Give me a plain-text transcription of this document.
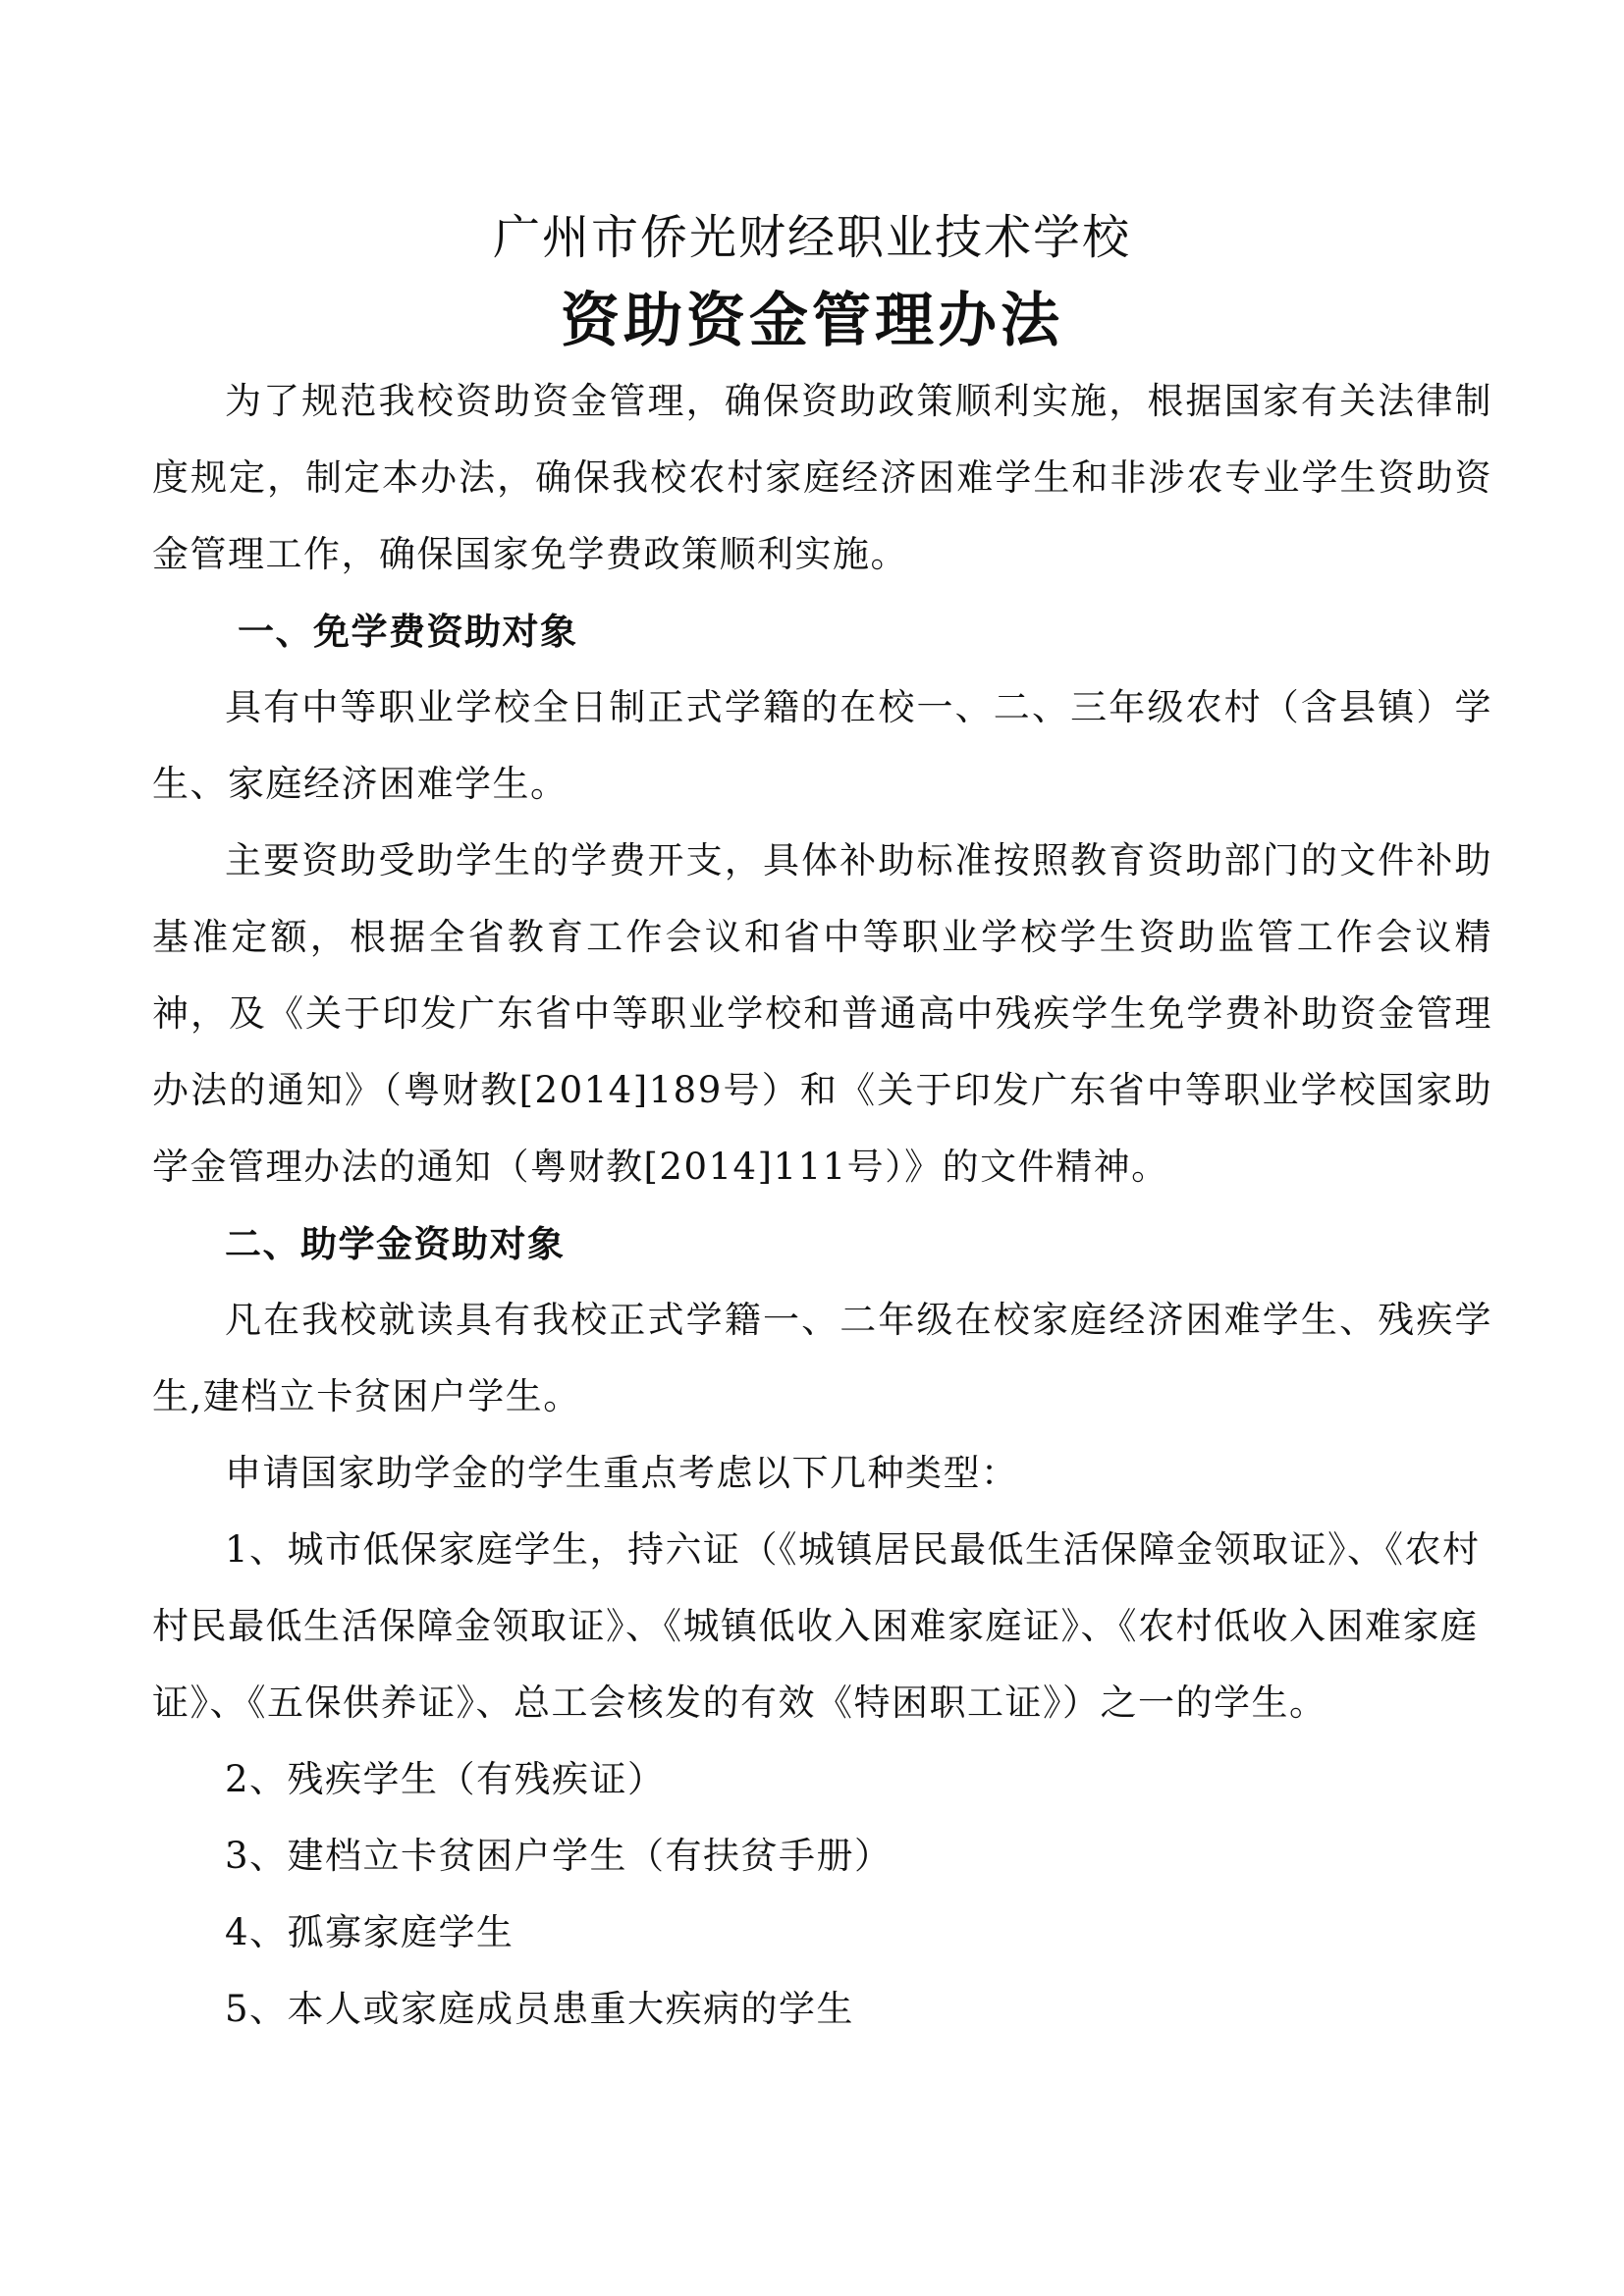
广州市侨光财经职业技术学校
资助资金管理办法

为了规范我校资助资金管理，确保资助政策顺利实施，根据国家有关法律制度规定，制定本办法，确保我校农村家庭经济困难学生和非涉农专业学生资助资金管理工作，确保国家免学费政策顺利实施。

一、免学费资助对象

具有中等职业学校全日制正式学籍的在校一、二、三年级农村（含县镇）学生、家庭经济困难学生。

主要资助受助学生的学费开支，具体补助标准按照教育资助部门的文件补助基准定额，根据全省教育工作会议和省中等职业学校学生资助监管工作会议精神，及《关于印发广东省中等职业学校和普通高中残疾学生免学费补助资金管理办法的通知》（粤财教[2014]189号）和《关于印发广东省中等职业学校国家助学金管理办法的通知（粤财教[2014]111号）》的文件精神。

二、助学金资助对象

凡在我校就读具有我校正式学籍一、二年级在校家庭经济困难学生、残疾学生,建档立卡贫困户学生。

申请国家助学金的学生重点考虑以下几种类型：

1、城市低保家庭学生，持六证（《城镇居民最低生活保障金领取证》、《农村村民最低生活保障金领取证》、《城镇低收入困难家庭证》、《农村低收入困难家庭证》、《五保供养证》、总工会核发的有效《特困职工证》）之一的学生。

2、残疾学生（有残疾证）

3、建档立卡贫困户学生（有扶贫手册）

4、孤寡家庭学生

5、本人或家庭成员患重大疾病的学生
